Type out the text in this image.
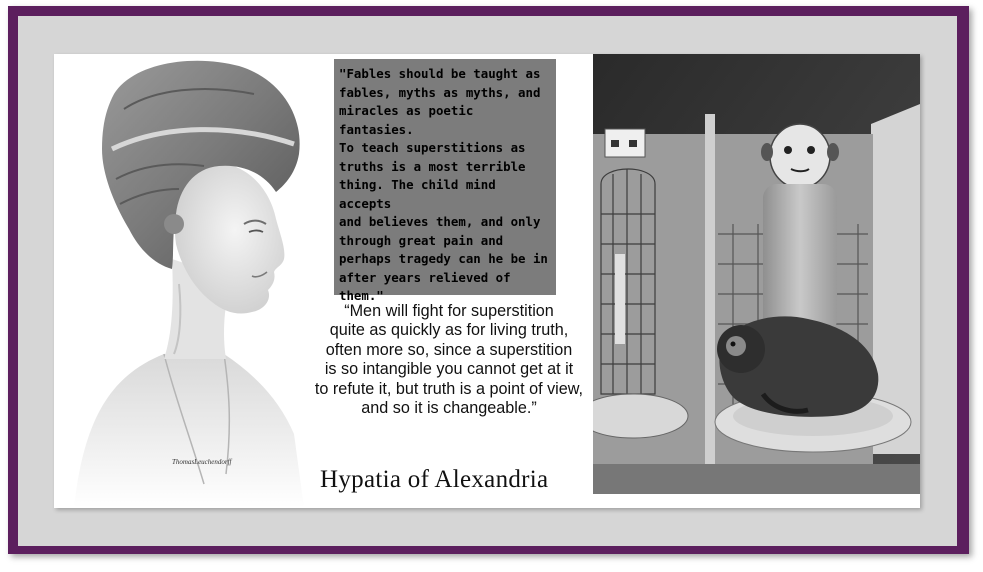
ThomasLeuchendorff
"Fables should be taught as
fables, myths as myths, and
miracles as poetic fantasies.
To teach superstitions as
truths is a most terrible
thing. The child mind accepts
and believes them, and only
through great pain and
perhaps tragedy can he be in
after years relieved of
them."
“Men will fight for superstition
quite as quickly as for living truth,
often more so, since a superstition
is so intangible you cannot get at it
to refute it, but truth is a point of view,
and so it is changeable.”
Hypatia of Alexandria
